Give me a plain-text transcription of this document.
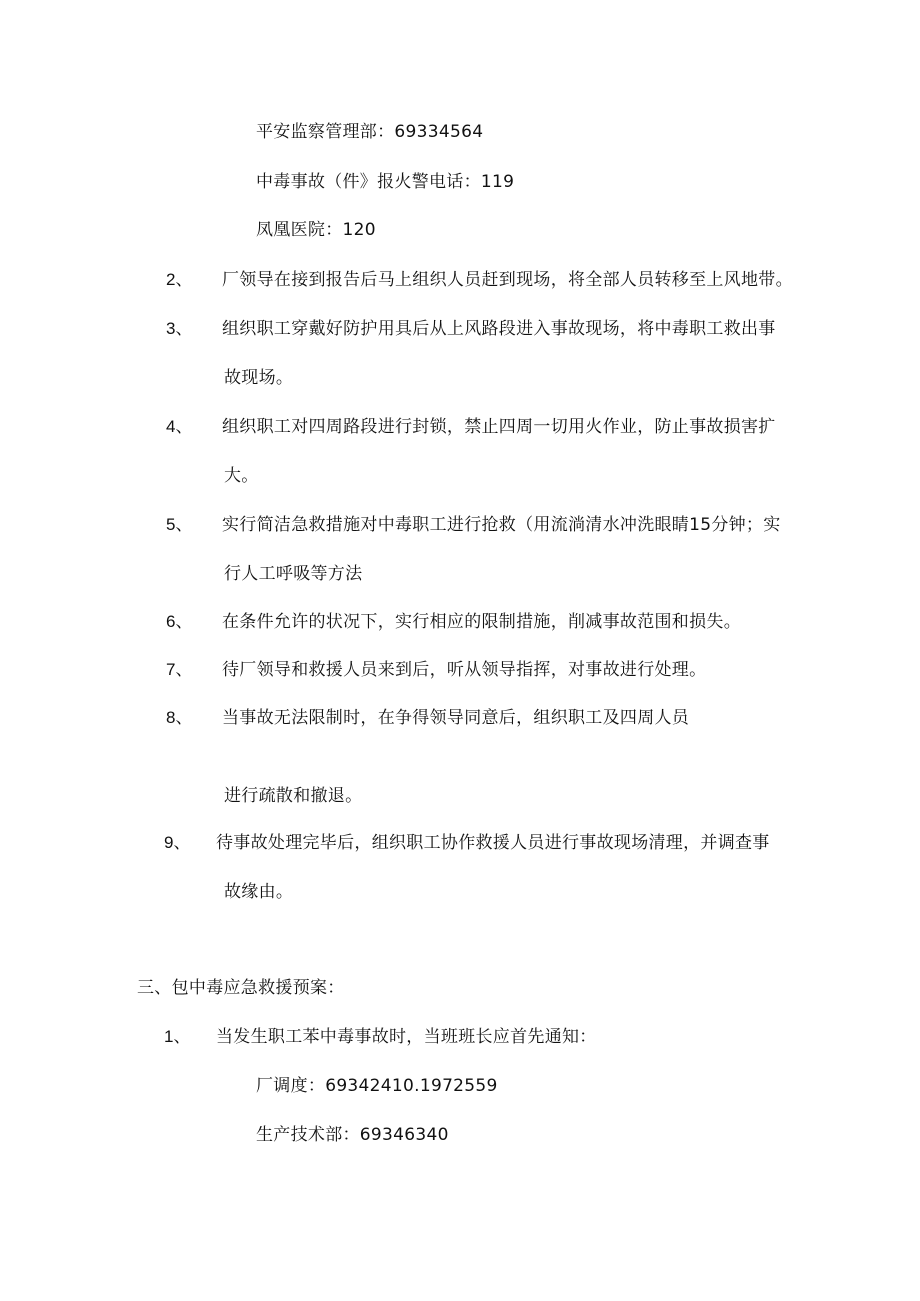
平安监察管理部：69334564
中毒事故（件》报火警电话：119
凤凰医院：120
2、 厂领导在接到报告后马上组织人员赶到现场，将全部人员转移至上风地带。
3、 组织职工穿戴好防护用具后从上风路段进入事故现场，将中毒职工救出事
故现场。
4、 组织职工对四周路段进行封锁，禁止四周一切用火作业，防止事故损害扩
大。
5、 实行简洁急救措施对中毒职工进行抢救（用流淌清水冲洗眼睛15分钟；实
行人工呼吸等方法
6、 在条件允许的状况下，实行相应的限制措施，削减事故范围和损失。
7、 待厂领导和救援人员来到后，听从领导指挥，对事故进行处理。
8、 当事故无法限制时，在争得领导同意后，组织职工及四周人员
进行疏散和撤退。
9、 待事故处理完毕后，组织职工协作救援人员进行事故现场清理，并调查事
故缘由。
三、包中毒应急救援预案：
1、 当发生职工苯中毒事故时，当班班长应首先通知：
厂调度：69342410.1972559
生产技术部：69346340
